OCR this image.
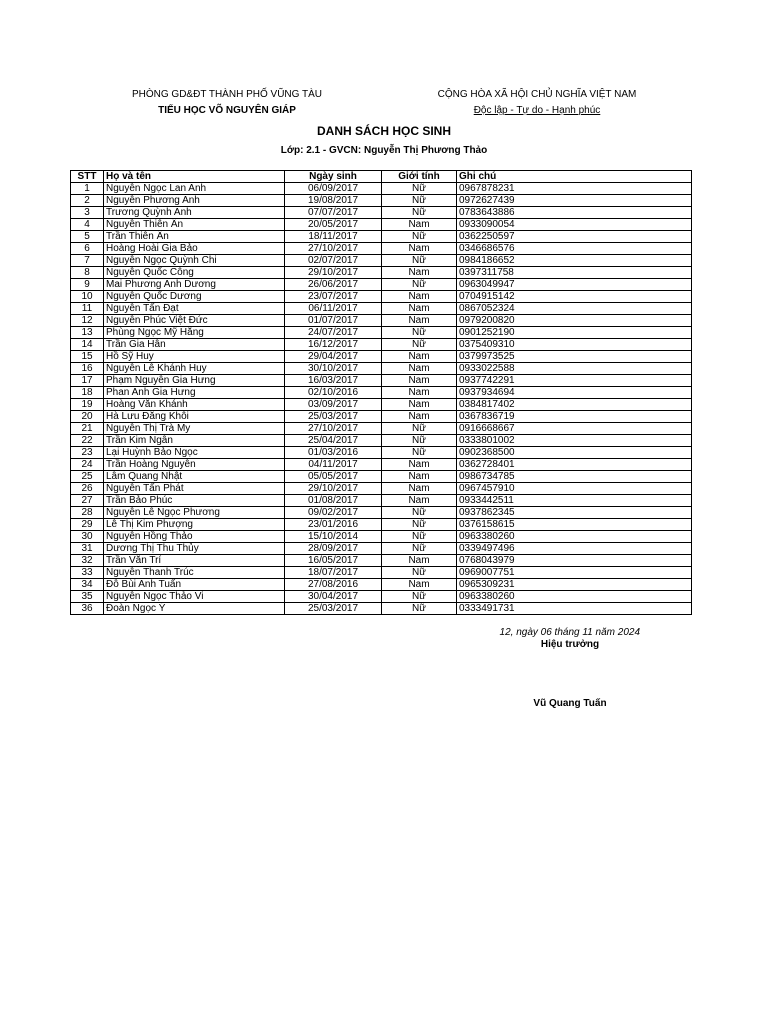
PHÒNG GD&ĐT THÀNH PHỐ VŨNG TÀU
TIỂU HỌC VÕ NGUYÊN GIÁP
CỘNG HÒA XÃ HỘI CHỦ NGHĨA VIỆT NAM
Độc lập - Tự do - Hạnh phúc
DANH SÁCH HỌC SINH
Lớp: 2.1 - GVCN: Nguyễn Thị Phương Thảo
STT	Họ và tên	Ngày sinh	Giới tính	Ghi chú
1	Nguyễn Ngọc Lan Anh	06/09/2017	Nữ	0967878231
2	Nguyễn Phương Anh	19/08/2017	Nữ	0972627439
3	Trương Quỳnh Anh	07/07/2017	Nữ	0783643886
4	Nguyễn Thiên Ân	20/05/2017	Nam	0933090054
5	Trần Thiên Ân	18/11/2017	Nữ	0362250597
6	Hoàng Hoài Gia Bảo	27/10/2017	Nam	0346686576
7	Nguyễn Ngọc Quỳnh Chi	02/07/2017	Nữ	0984186652
8	Nguyễn Quốc Công	29/10/2017	Nam	0397311758
9	Mai Phương Anh Dương	26/06/2017	Nữ	0963049947
10	Nguyễn Quốc Dương	23/07/2017	Nam	0704915142
11	Nguyễn Tấn Đạt	06/11/2017	Nam	0867052324
12	Nguyễn Phúc Việt Đức	01/07/2017	Nam	0979200820
13	Phùng Ngọc Mỹ Hằng	24/07/2017	Nữ	0901252190
14	Trần Gia Hân	16/12/2017	Nữ	0375409310
15	Hồ Sỹ Huy	29/04/2017	Nam	0379973525
16	Nguyễn Lê Khánh Huy	30/10/2017	Nam	0933022588
17	Phạm Nguyễn Gia Hưng	16/03/2017	Nam	0937742291
18	Phan Anh Gia Hưng	02/10/2016	Nam	0937934694
19	Hoàng Văn Khánh	03/09/2017	Nam	0384817402
20	Hà Lưu Đăng Khôi	25/03/2017	Nam	0367836719
21	Nguyễn Thị Trà My	27/10/2017	Nữ	0916668667
22	Trần Kim Ngân	25/04/2017	Nữ	0333801002
23	Lại Huỳnh Bảo Ngọc	01/03/2016	Nữ	0902368500
24	Trần Hoàng Nguyên	04/11/2017	Nam	0362728401
25	Lâm Quang Nhật	05/05/2017	Nam	0986734785
26	Nguyễn Tấn Phát	29/10/2017	Nam	0967457910
27	Trần Bảo Phúc	01/08/2017	Nam	0933442511
28	Nguyễn Lê Ngọc Phương	09/02/2017	Nữ	0937862345
29	Lê Thị Kim Phượng	23/01/2016	Nữ	0376158615
30	Nguyễn Hồng Thảo	15/10/2014	Nữ	0963380260
31	Dương Thị Thu Thủy	28/09/2017	Nữ	0339497496
32	Trần Văn Trí	16/05/2017	Nam	0768043979
33	Nguyễn Thanh Trúc	18/07/2017	Nữ	0969007751
34	Đỗ Bùi Anh Tuấn	27/08/2016	Nam	0965309231
35	Nguyễn Ngọc Thảo Vi	30/04/2017	Nữ	0963380260
36	Đoàn Ngọc Ý	25/03/2017	Nữ	0333491731
12, ngày 06 tháng 11 năm 2024
Hiệu trưởng
Vũ Quang Tuấn
